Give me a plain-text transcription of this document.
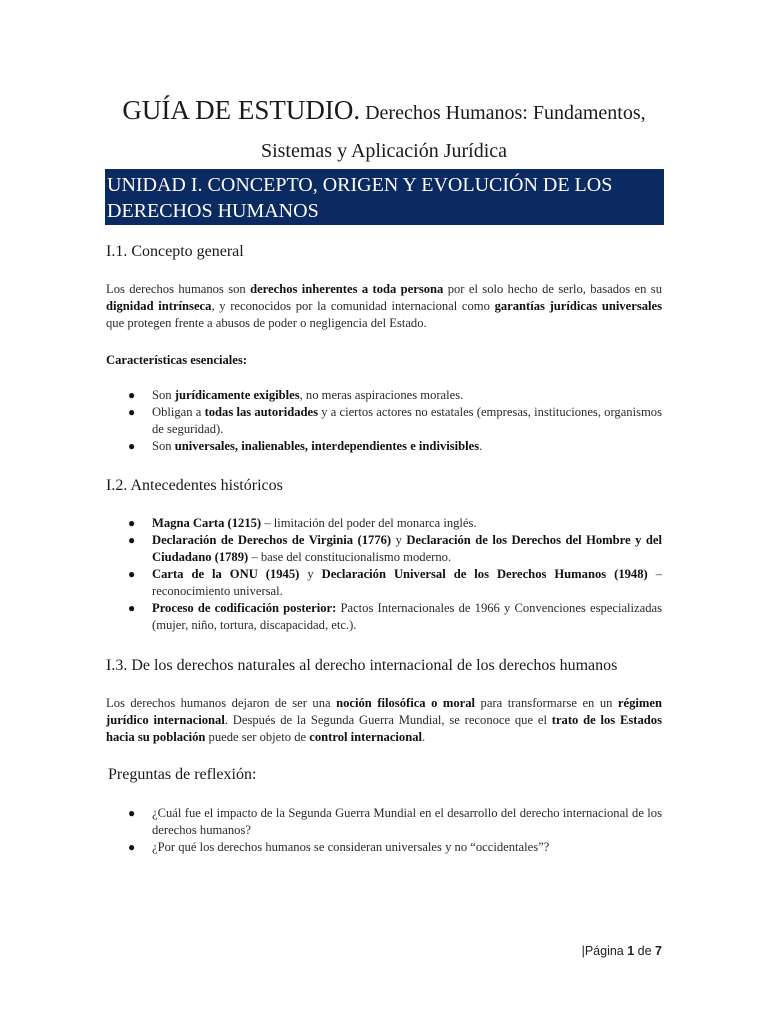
GUÍA DE ESTUDIO. Derechos Humanos: Fundamentos,
Sistemas y Aplicación Jurídica
UNIDAD I. CONCEPTO, ORIGEN Y EVOLUCIÓN DE LOS
DERECHOS HUMANOS
I.1. Concepto general
Los derechos humanos son derechos inherentes a toda persona por el solo hecho de serlo, basados en su dignidad intrínseca, y reconocidos por la comunidad internacional como garantías jurídicas universales que protegen frente a abusos de poder o negligencia del Estado.
Características esenciales:
● Son jurídicamente exigibles, no meras aspiraciones morales.
● Obligan a todas las autoridades y a ciertos actores no estatales (empresas, instituciones, organismos de seguridad).
● Son universales, inalienables, interdependientes e indivisibles.
I.2. Antecedentes históricos
● Magna Carta (1215) – limitación del poder del monarca inglés.
● Declaración de Derechos de Virginia (1776) y Declaración de los Derechos del Hombre y del Ciudadano (1789) – base del constitucionalismo moderno.
● Carta de la ONU (1945) y Declaración Universal de los Derechos Humanos (1948) – reconocimiento universal.
● Proceso de codificación posterior: Pactos Internacionales de 1966 y Convenciones especializadas (mujer, niño, tortura, discapacidad, etc.).
I.3. De los derechos naturales al derecho internacional de los derechos humanos
Los derechos humanos dejaron de ser una noción filosófica o moral para transformarse en un régimen jurídico internacional. Después de la Segunda Guerra Mundial, se reconoce que el trato de los Estados hacia su población puede ser objeto de control internacional.
Preguntas de reflexión:
● ¿Cuál fue el impacto de la Segunda Guerra Mundial en el desarrollo del derecho internacional de los derechos humanos?
● ¿Por qué los derechos humanos se consideran universales y no “occidentales”?
|Página 1 de 7
